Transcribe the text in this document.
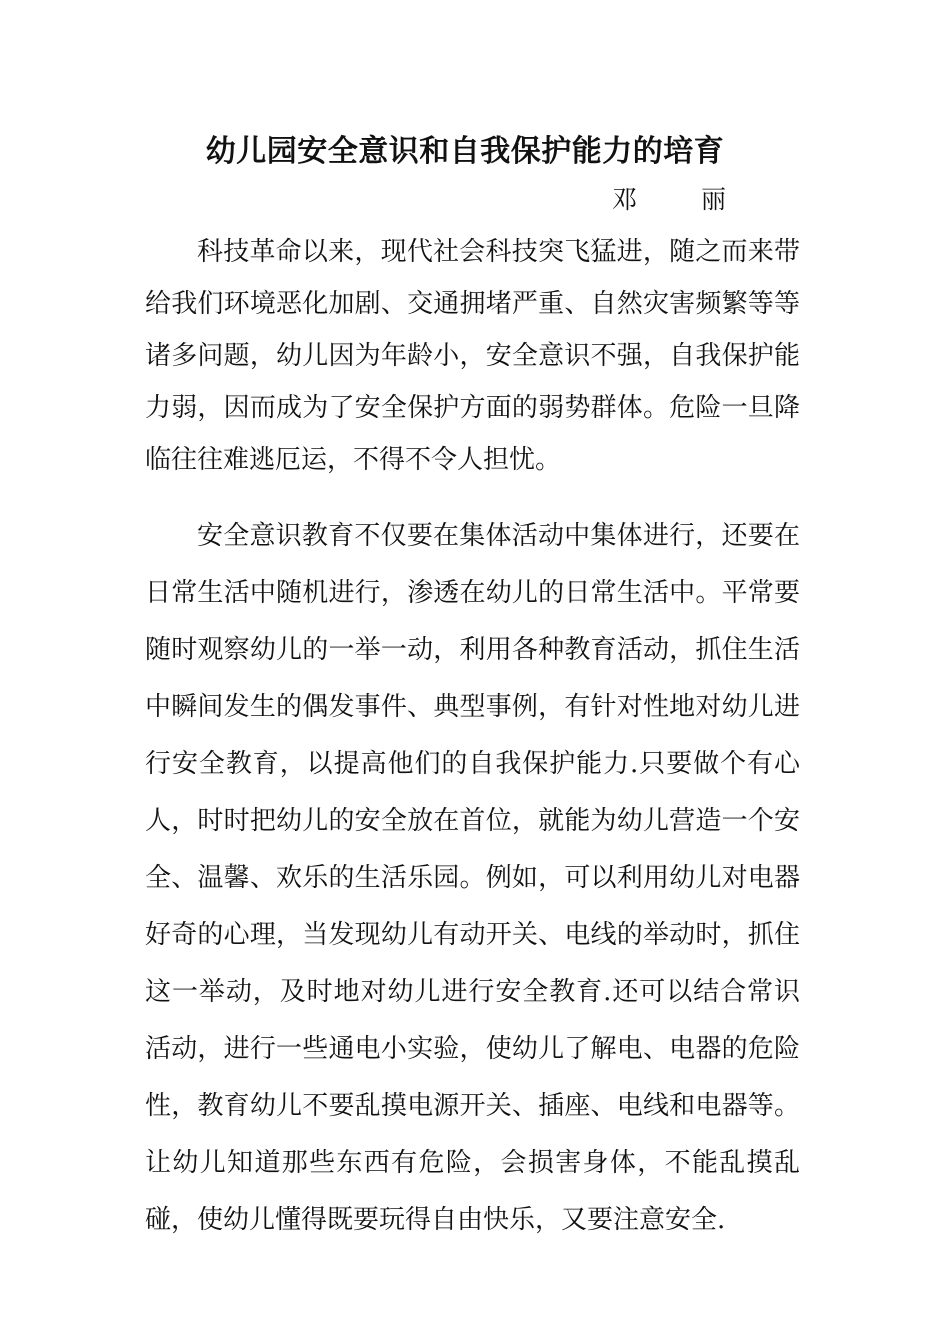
幼儿园安全意识和自我保护能力的培育

邓 丽

科技革命以来，现代社会科技突飞猛进，随之而来带给我们环境恶化加剧、交通拥堵严重、自然灾害频繁等等诸多问题，幼儿因为年龄小，安全意识不强，自我保护能力弱，因而成为了安全保护方面的弱势群体。危险一旦降临往往难逃厄运，不得不令人担忧。

安全意识教育不仅要在集体活动中集体进行，还要在日常生活中随机进行，渗透在幼儿的日常生活中。平常要随时观察幼儿的一举一动，利用各种教育活动，抓住生活中瞬间发生的偶发事件、典型事例，有针对性地对幼儿进行安全教育，以提高他们的自我保护能力.只要做个有心人，时时把幼儿的安全放在首位，就能为幼儿营造一个安全、温馨、欢乐的生活乐园。例如，可以利用幼儿对电器好奇的心理，当发现幼儿有动开关、电线的举动时，抓住这一举动，及时地对幼儿进行安全教育.还可以结合常识活动，进行一些通电小实验，使幼儿了解电、电器的危险性，教育幼儿不要乱摸电源开关、插座、电线和电器等。让幼儿知道那些东西有危险，会损害身体，不能乱摸乱碰，使幼儿懂得既要玩得自由快乐，又要注意安全.
